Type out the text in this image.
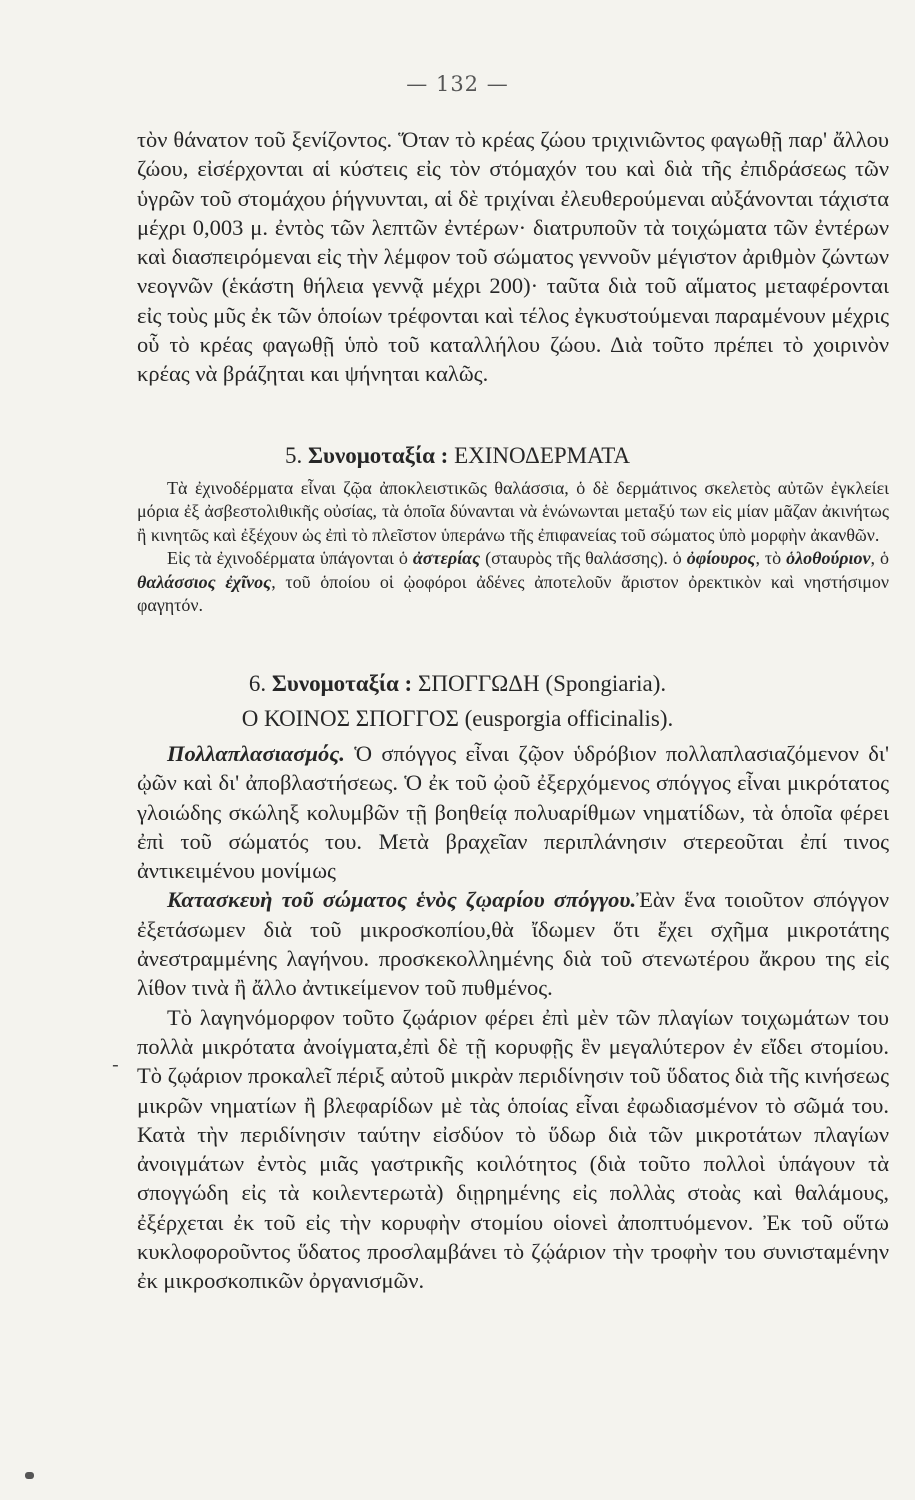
— 132 —

τὸν θάνατον τοῦ ξενίζοντος. Ὅταν τὸ κρέας ζώου τριχινιῶντος φαγωθῇ παρ' ἄλλου ζώου, εἰσέρχονται αἱ κύστεις εἰς τὸν στόμαχόν του καὶ διὰ τῆς ἐπιδράσεως τῶν ὑγρῶν τοῦ στομάχου ῥήγνυνται, αἱ δὲ τριχίναι ἐλευθερούμεναι αὐξάνονται τάχιστα μέχρι 0,003 μ. ἐντὸς τῶν λεπτῶν ἐντέρων· διατρυποῦν τὰ τοιχώματα τῶν ἐντέρων καὶ διασπειρόμεναι εἰς τὴν λέμφον τοῦ σώματος γεννοῦν μέγιστον ἀριθμὸν ζώντων νεογνῶν (ἑκάστη θήλεια γεννᾷ μέχρι 200)· ταῦτα διὰ τοῦ αἵματος μεταφέρονται εἰς τοὺς μῦς ἐκ τῶν ὁποίων τρέφονται καὶ τέλος ἐγκυστούμεναι παραμένουν μέχρις οὗ τὸ κρέας φαγωθῇ ὑπὸ τοῦ καταλλήλου ζώου. Διὰ τοῦτο πρέπει τὸ χοιρινὸν κρέας νὰ βράζηται και ψήνηται καλῶς.

5. Συνομοταξία : ΕΧΙΝΟΔΕΡΜΑΤΑ

Τὰ ἐχινοδέρματα εἶναι ζῷα ἀποκλειστικῶς θαλάσσια, ὁ δὲ δερμάτινος σκελετὸς αὐτῶν ἐγκλείει μόρια ἐξ ἀσβεστολιθικῆς οὐσίας, τὰ ὁποῖα δύνανται νὰ ἑνώνωνται μεταξύ των εἰς μίαν μᾶζαν ἀκινήτως ἢ κινητῶς καὶ ἐξέχουν ὡς ἐπὶ τὸ πλεῖστον ὑπεράνω τῆς ἐπιφανείας τοῦ σώματος ὑπὸ μορφὴν ἀκανθῶν.

Εἰς τὰ ἐχινοδέρματα ὑπάγονται ὁ ἀστερίας (σταυρὸς τῆς θαλάσσης). ὁ ὀφίουρος, τὸ ὁλοθούριον, ὁ θαλάσσιος ἐχῖνος, τοῦ ὁποίου οἱ ᾠοφόροι ἀδένες ἀποτελοῦν ἄριστον ὀρεκτικὸν καὶ νηστήσιμον φαγητόν.

6. Συνομοταξία : ΣΠΟΓΓΩΔΗ (Spongiaria).
Ο ΚΟΙΝΟΣ ΣΠΟΓΓΟΣ (eusporgia officinalis).

Πολλαπλασιασμός. Ὁ σπόγγος εἶναι ζῷον ὑδρόβιον πολλαπλασιαζόμενον δι' ᾠῶν καὶ δι' ἀποβλαστήσεως. Ὁ ἐκ τοῦ ᾠοῦ ἐξερχόμενος σπόγγος εἶναι μικρότατος γλοιώδης σκώληξ κολυμβῶν τῇ βοηθείᾳ πολυαρίθμων νηματίδων, τὰ ὁποῖα φέρει ἐπὶ τοῦ σώματός του. Μετὰ βραχεῖαν περιπλάνησιν στερεοῦται ἐπί τινος ἀντικειμένου μονίμως

Κατασκευὴ τοῦ σώματος ἑνὸς ζῳαρίου σπόγγου.Ἐὰν ἕνα τοιοῦτον σπόγγον ἐξετάσωμεν διὰ τοῦ μικροσκοπίου,θὰ ἴδωμεν ὅτι ἔχει σχῆμα μικροτάτης ἀνεστραμμένης λαγήνου. προσκεκολλημένης διὰ τοῦ στενωτέρου ἄκρου της εἰς λίθον τινὰ ἢ ἄλλο ἀντικείμενον τοῦ πυθμένος.

Τὸ λαγηνόμορφον τοῦτο ζῳάριον φέρει ἐπὶ μὲν τῶν πλαγίων τοιχωμάτων του πολλὰ μικρότατα ἀνοίγματα,ἐπὶ δὲ τῇ κορυφῇς ἓν μεγαλύτερον ἐν εἴδει στομίου. Τὸ ζῳάριον προκαλεῖ πέριξ αὐτοῦ μικρὰν περιδίνησιν τοῦ ὕδατος διὰ τῆς κινήσεως μικρῶν νηματίων ἢ βλεφαρίδων μὲ τὰς ὁποίας εἶναι ἐφωδιασμένον τὸ σῶμά του. Κατὰ τὴν περιδίνησιν ταύτην εἰσδύον τὸ ὕδωρ διὰ τῶν μικροτάτων πλαγίων ἀνοιγμάτων ἐντὸς μιᾶς γαστρικῆς κοιλότητος (διὰ τοῦτο πολλοὶ ὑπάγουν τὰ σπογγώδη εἰς τὰ κοιλεντερωτὰ) διῃρημένης εἰς πολλὰς στοὰς καὶ θαλάμους, ἐξέρχεται ἐκ τοῦ εἰς τὴν κορυφὴν στομίου οἱονεὶ ἀποπτυόμενον. Ἐκ τοῦ οὕτω κυκλοφοροῦντος ὕδατος προσλαμβάνει τὸ ζῴάριον τὴν τροφὴν του συνισταμένην ἐκ μικροσκοπικῶν ὀργανισμῶν.

-
